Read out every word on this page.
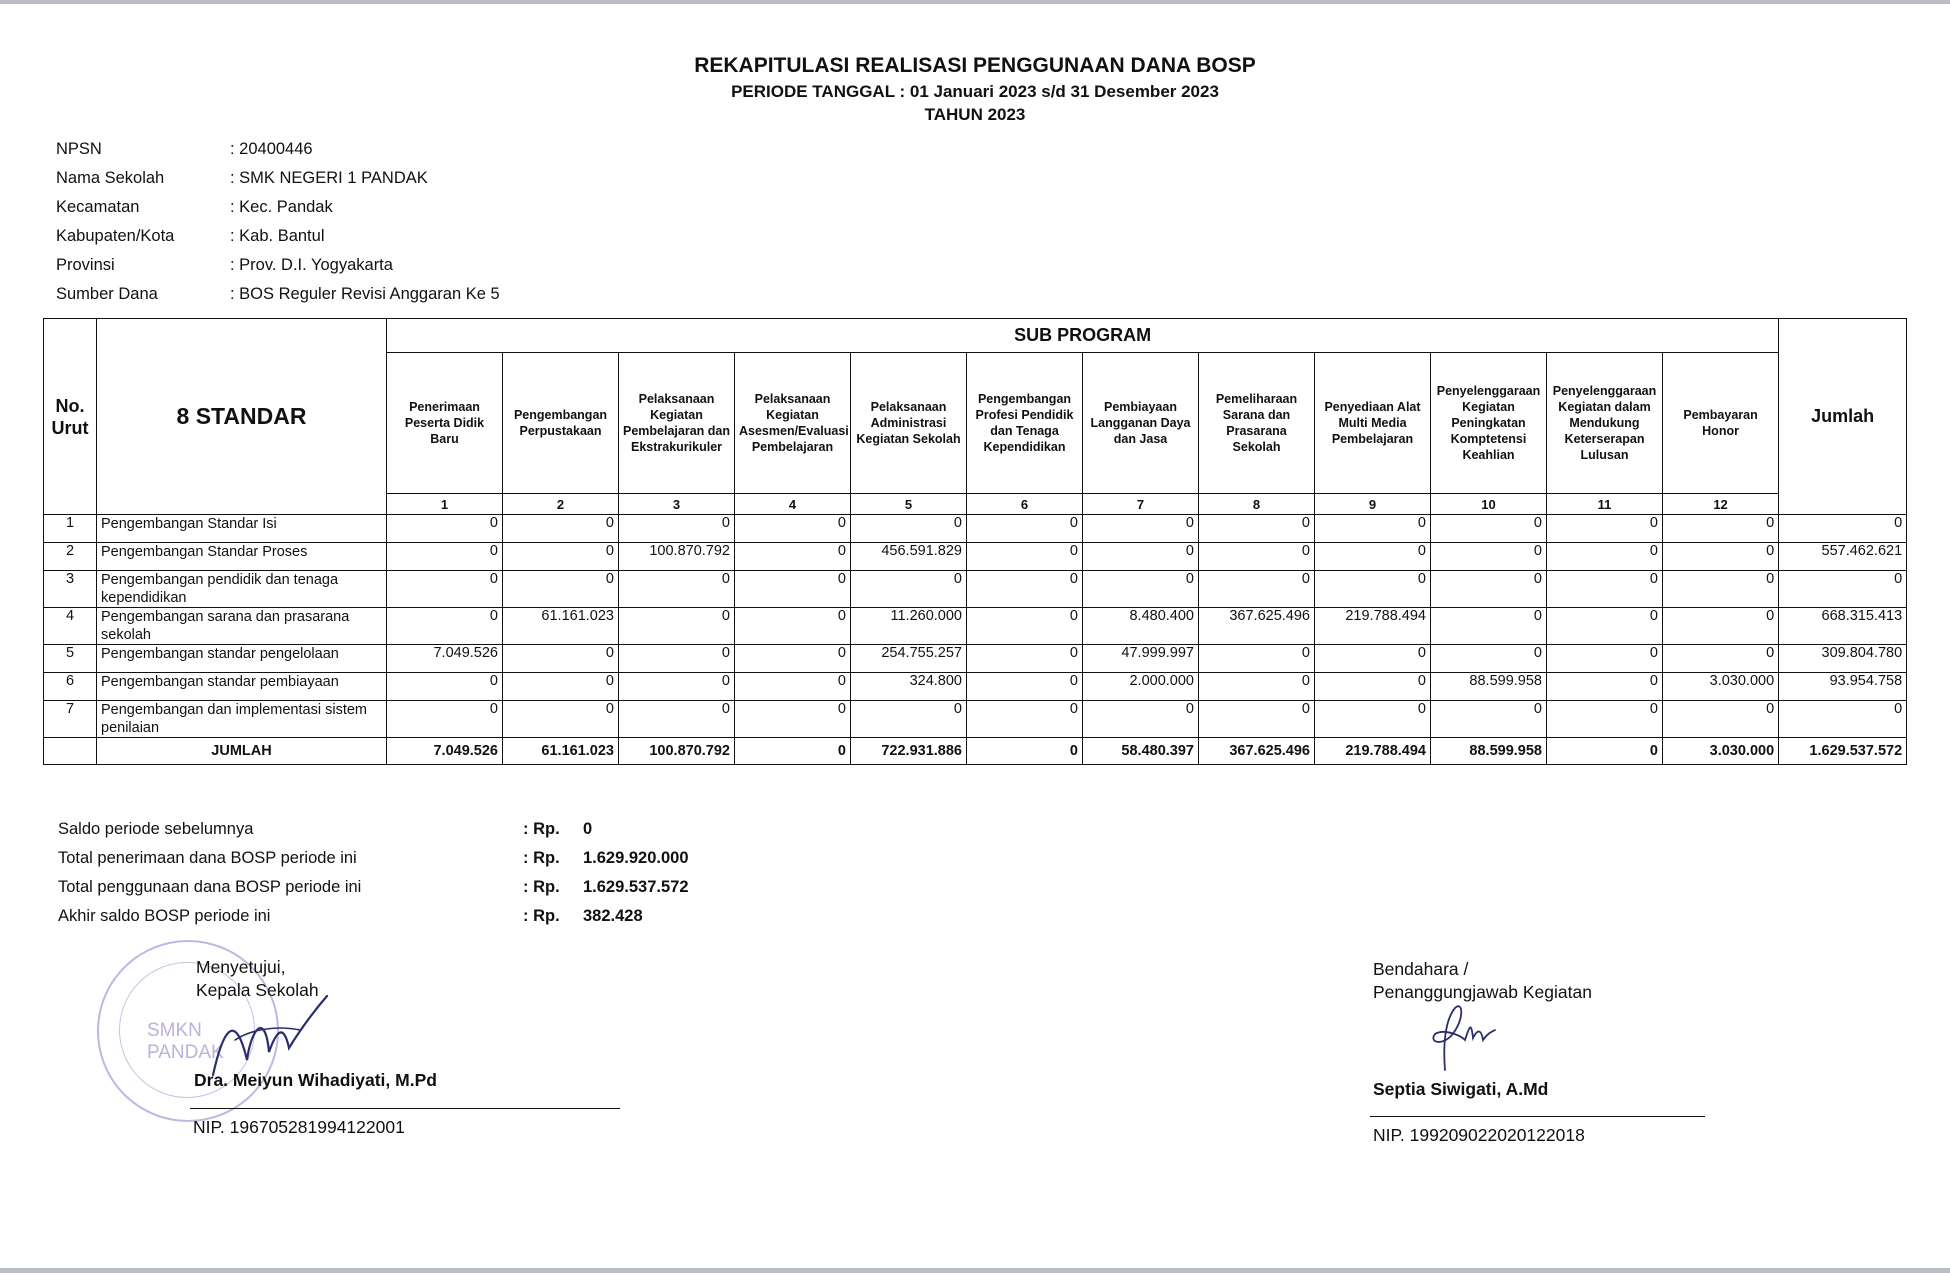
REKAPITULASI REALISASI PENGGUNAAN DANA BOSP
PERIODE TANGGAL : 01 Januari 2023 s/d 31 Desember 2023
TAHUN 2023
NPSN	: 20400446
Nama Sekolah	: SMK NEGERI 1 PANDAK
Kecamatan	: Kec. Pandak
Kabupaten/Kota	: Kab. Bantul
Provinsi	: Prov. D.I. Yogyakarta
Sumber Dana	: BOS Reguler Revisi Anggaran Ke 5
No. Urut	8 STANDAR	SUB PROGRAM												Jumlah
		Penerimaan Peserta Didik Baru	Pengembangan Perpustakaan	Pelaksanaan Kegiatan Pembelajaran dan Ekstrakurikuler	Pelaksanaan Kegiatan Asesmen/Evaluasi Pembelajaran	Pelaksanaan Administrasi Kegiatan Sekolah	Pengembangan Profesi Pendidik dan Tenaga Kependidikan	Pembiayaan Langganan Daya dan Jasa	Pemeliharaan Sarana dan Prasarana Sekolah	Penyediaan Alat Multi Media Pembelajaran	Penyelenggaraan Kegiatan Peningkatan Komptetensi Keahlian	Penyelenggaraan Kegiatan dalam Mendukung Keterserapan Lulusan	Pembayaran Honor	
		1	2	3	4	5	6	7	8	9	10	11	12	
1	Pengembangan Standar Isi	0	0	0	0	0	0	0	0	0	0	0	0	0
2	Pengembangan Standar Proses	0	0	100.870.792	0	456.591.829	0	0	0	0	0	0	0	557.462.621
3	Pengembangan pendidik dan tenaga kependidikan	0	0	0	0	0	0	0	0	0	0	0	0	0
4	Pengembangan sarana dan prasarana sekolah	0	61.161.023	0	0	11.260.000	0	8.480.400	367.625.496	219.788.494	0	0	0	668.315.413
5	Pengembangan standar pengelolaan	7.049.526	0	0	0	254.755.257	0	47.999.997	0	0	0	0	0	309.804.780
6	Pengembangan standar pembiayaan	0	0	0	0	324.800	0	2.000.000	0	0	88.599.958	0	3.030.000	93.954.758
7	Pengembangan dan implementasi sistem penilaian	0	0	0	0	0	0	0	0	0	0	0	0	0
	JUMLAH	7.049.526	61.161.023	100.870.792	0	722.931.886	0	58.480.397	367.625.496	219.788.494	88.599.958	0	3.030.000	1.629.537.572
Saldo periode sebelumnya	: Rp. 0
Total penerimaan dana BOSP periode ini	: Rp. 1.629.920.000
Total penggunaan dana BOSP periode ini	: Rp. 1.629.537.572
Akhir saldo BOSP periode ini	: Rp. 382.428
SMKN
PANDAK
Menyetujui,
Kepala Sekolah
Dra. Meiyun Wihadiyati, M.Pd
NIP. 196705281994122001
Bendahara /
Penanggungjawab Kegiatan
Septia Siwigati, A.Md
NIP. 199209022020122018
